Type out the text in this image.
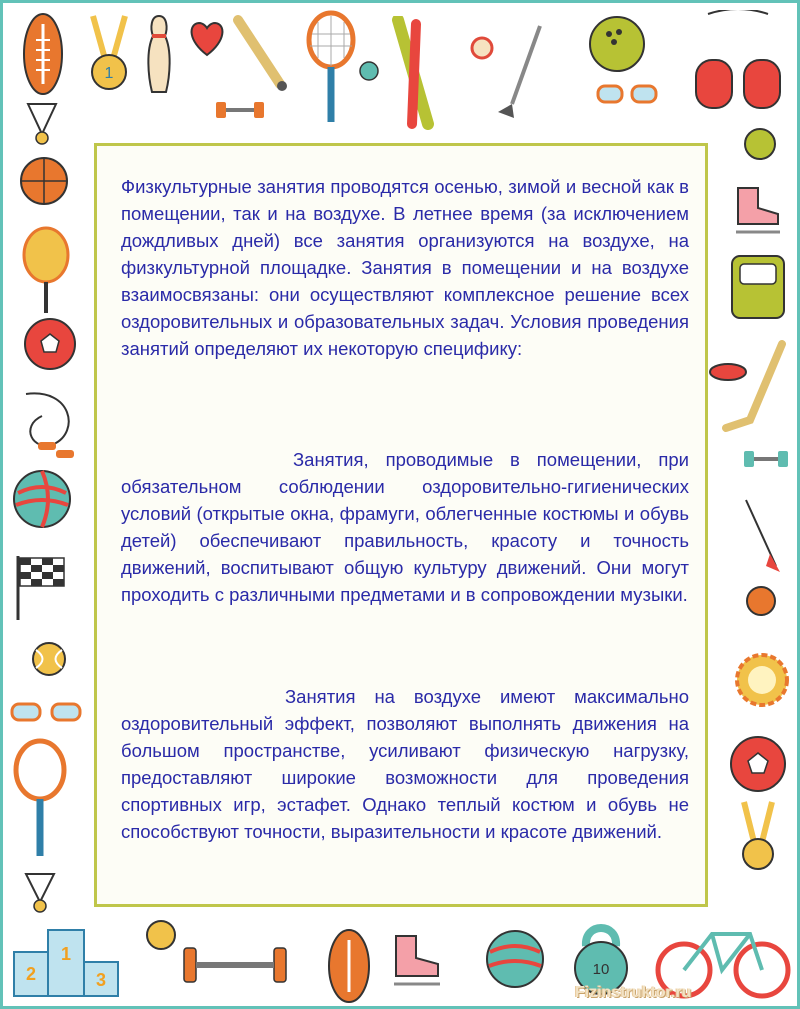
1
2
1
3
10

Физкультурные занятия проводятся осенью, зимой и весной как в помещении, так и на воздухе. В летнее время (за исключением дождливых дней) все занятия организуются на воздухе, на физкультурной площадке. Занятия в помещении и на воздухе взаимосвязаны: они осуществляют комплексное решение всех оздоровительных и образовательных задач. Условия проведения занятий определяют их некоторую специфику:

Занятия, проводимые в помещении, при обязательном соблюдении оздоровительно-гигиенических условий (открытые окна, фрамуги, облегченные костюмы и обувь детей) обеспечивают правильность, красоту и точность движений, воспитывают общую культуру движений. Они могут проходить с различными предметами и в сопровождении музыки.

Занятия на воздухе имеют максимально оздоровительный эффект, позволяют выполнять движения на большом пространстве, усиливают физическую нагрузку, предоставляют широкие возможности для проведения спортивных игр, эстафет. Однако теплый костюм и обувь не способствуют точности, выразительности и красоте движений.

Fizinstruktor.ru
